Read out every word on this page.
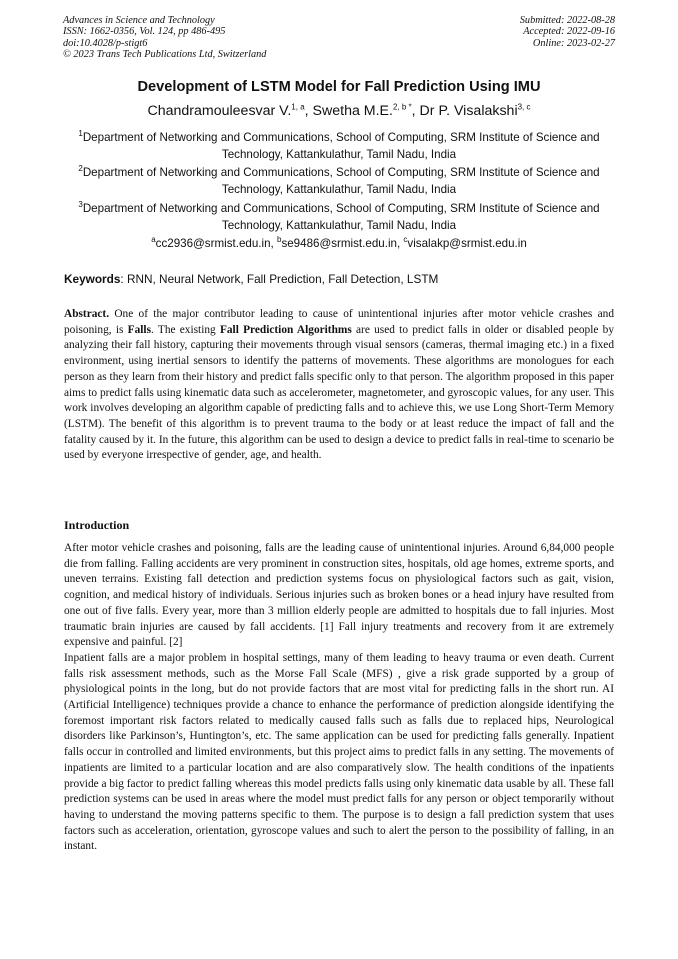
Advances in Science and Technology
ISSN: 1662-0356, Vol. 124, pp 486-495
doi:10.4028/p-stigt6
© 2023 Trans Tech Publications Ltd, Switzerland
Submitted: 2022-08-28
Accepted: 2022-09-16
Online: 2023-02-27
Development of LSTM Model for Fall Prediction Using IMU
Chandramouleesvar V.$^{1, a}$, Swetha M.E.$^{2, b *}$, Dr P. Visalakshi$^{3, c}$
$^1$Department of Networking and Communications, School of Computing, SRM Institute of Science and Technology, Kattankulathur, Tamil Nadu, India
$^2$Department of Networking and Communications, School of Computing, SRM Institute of Science and Technology, Kattankulathur, Tamil Nadu, India
$^3$Department of Networking and Communications, School of Computing, SRM Institute of Science and Technology, Kattankulathur, Tamil Nadu, India
$^a$cc2936@srmist.edu.in, $^b$se9486@srmist.edu.in, $^c$visalakp@srmist.edu.in
Keywords: RNN, Neural Network, Fall Prediction, Fall Detection, LSTM

Abstract. One of the major contributor leading to cause of unintentional injuries after motor vehicle crashes and poisoning, is Falls. The existing Fall Prediction Algorithms are used to predict falls in older or disabled people by analyzing their fall history, capturing their movements through visual sensors (cameras, thermal imaging etc.) in a fixed environment, using inertial sensors to identify the patterns of movements. These algorithms are monologues for each person as they learn from their history and predict falls specific only to that person. The algorithm proposed in this paper aims to predict falls using kinematic data such as accelerometer, magnetometer, and gyroscopic values, for any user. This work involves developing an algorithm capable of predicting falls and to achieve this, we use Long Short-Term Memory (LSTM). The benefit of this algorithm is to prevent trauma to the body or at least reduce the impact of fall and the fatality caused by it. In the future, this algorithm can be used to design a device to predict falls in real-time to scenario be used by everyone irrespective of gender, age, and health.

Introduction

After motor vehicle crashes and poisoning, falls are the leading cause of unintentional injuries. Around 6,84,000 people die from falling. Falling accidents are very prominent in construction sites, hospitals, old age homes, extreme sports, and uneven terrains. Existing fall detection and prediction systems focus on physiological factors such as gait, vision, cognition, and medical history of individuals. Serious injuries such as broken bones or a head injury have resulted from one out of five falls. Every year, more than 3 million elderly people are admitted to hospitals due to fall injuries. Most traumatic brain injuries are caused by fall accidents. [1] Fall injury treatments and recovery from it are extremely expensive and painful. [2]

Inpatient falls are a major problem in hospital settings, many of them leading to heavy trauma or even death. Current falls risk assessment methods, such as the Morse Fall Scale (MFS) , give a risk grade supported by a group of physiological points in the long, but do not provide factors that are most vital for predicting falls in the short run. AI (Artificial Intelligence) techniques provide a chance to enhance the performance of prediction alongside identifying the foremost important risk factors related to medically caused falls such as falls due to replaced hips, Neurological disorders like Parkinson’s, Huntington’s, etc. The same application can be used for predicting falls generally. Inpatient falls occur in controlled and limited environments, but this project aims to predict falls in any setting. The movements of inpatients are limited to a particular location and are also comparatively slow. The health conditions of the inpatients provide a big factor to predict falling whereas this model predicts falls using only kinematic data usable by all. These fall prediction systems can be used in areas where the model must predict falls for any person or object temporarily without having to understand the moving patterns specific to them. The purpose is to design a fall prediction system that uses factors such as acceleration, orientation, gyroscope values and such to alert the person to the possibility of falling, in an instant.
